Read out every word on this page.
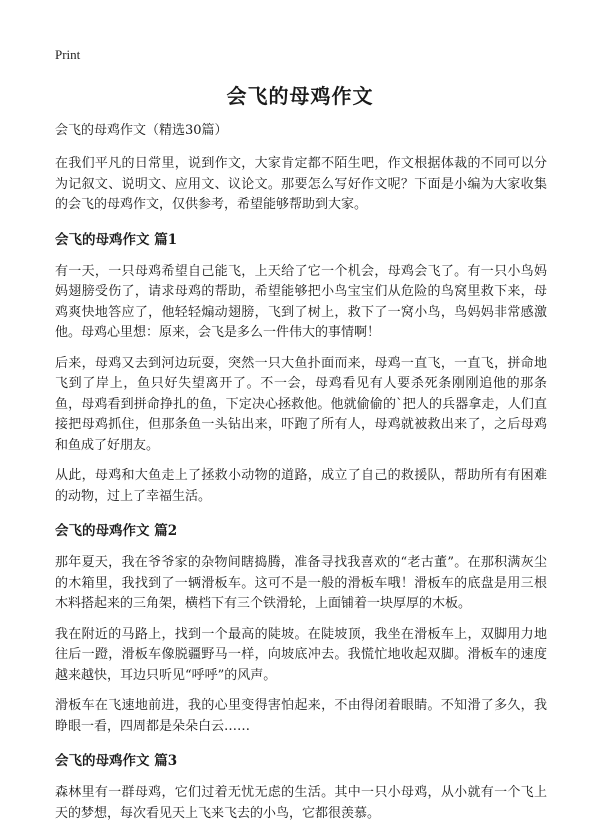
Print
会飞的母鸡作文
会飞的母鸡作文（精选30篇）

在我们平凡的日常里，说到作文，大家肯定都不陌生吧，作文根据体裁的不同可以分为记叙文、说明文、应用文、议论文。那要怎么写好作文呢？下面是小编为大家收集的会飞的母鸡作文，仅供参考，希望能够帮助到大家。

会飞的母鸡作文 篇1

有一天，一只母鸡希望自己能飞，上天给了它一个机会，母鸡会飞了。有一只小鸟妈妈翅膀受伤了，请求母鸡的帮助，希望能够把小鸟宝宝们从危险的鸟窝里救下来，母鸡爽快地答应了，他轻轻煽动翅膀，飞到了树上，救下了一窝小鸟，鸟妈妈非常感激他。母鸡心里想：原来，会飞是多么一件伟大的事情啊！

后来，母鸡又去到河边玩耍，突然一只大鱼扑面而来，母鸡一直飞，一直飞，拼命地飞到了岸上，鱼只好失望离开了。不一会，母鸡看见有人要杀死条刚刚追他的那条鱼，母鸡看到拼命挣扎的鱼，下定决心拯救他。他就偷偷的`把人的兵器拿走，人们直接把母鸡抓住，但那条鱼一头钻出来，吓跑了所有人，母鸡就被救出来了，之后母鸡和鱼成了好朋友。

从此，母鸡和大鱼走上了拯救小动物的道路，成立了自己的救援队，帮助所有有困难的动物，过上了幸福生活。

会飞的母鸡作文 篇2

那年夏天，我在爷爷家的杂物间瞎捣腾，准备寻找我喜欢的“老古董”。在那积满灰尘的木箱里，我找到了一辆滑板车。这可不是一般的滑板车哦！滑板车的底盘是用三根木料搭起来的三角架，横档下有三个铁滑轮，上面铺着一块厚厚的木板。

我在附近的马路上，找到一个最高的陡坡。在陡坡顶，我坐在滑板车上，双脚用力地往后一蹬，滑板车像脱疆野马一样，向坡底冲去。我慌忙地收起双脚。滑板车的速度越来越快，耳边只听见“呼呼”的风声。

滑板车在飞速地前进，我的心里变得害怕起来，不由得闭着眼睛。不知滑了多久，我睁眼一看，四周都是朵朵白云……

会飞的母鸡作文 篇3

森林里有一群母鸡，它们过着无忧无虑的生活。其中一只小母鸡，从小就有一个飞上天的梦想，每次看见天上飞来飞去的小鸟，它都很羡慕。
